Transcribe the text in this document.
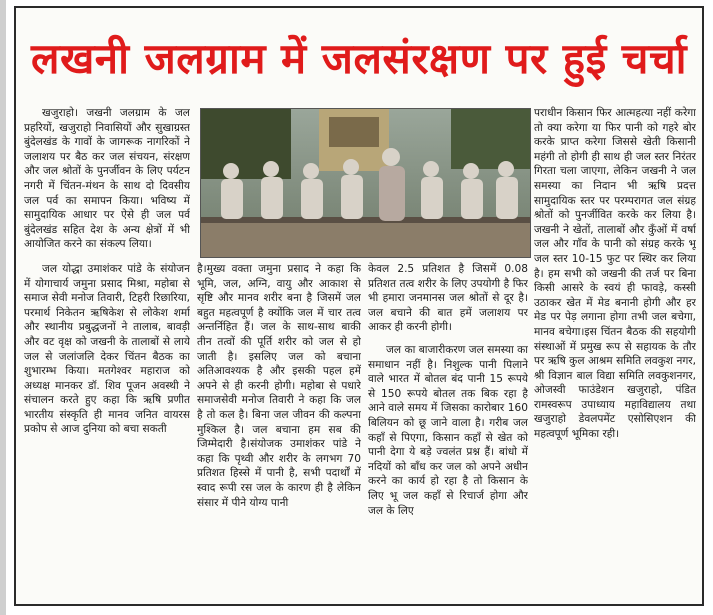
लखनी जलग्राम में जलसंरक्षण पर हुई चर्चा

खजुराहो। जखनी जलग्राम के जल प्रहरियों, खजुराहो निवासियों और सुखाग्रस्त बुंदेलखंड के गावों के जागरूक नागरिकों ने जलाशय पर बैठ कर जल संचयन, संरक्षण और जल श्रोतों के पुनर्जीवन के लिए पर्यटन नगरी में चिंतन-मंथन के साथ दो दिवसीय जल पर्व का समापन किया। भविष्य में सामुदायिक आधार पर ऐसे ही जल पर्व बुंदेलखंड सहित देश के अन्य क्षेत्रों में भी आयोजित करने का संकल्प लिया।

जल योद्धा उमाशंकर पांडे के संयोजन में योगाचार्य जमुना प्रसाद मिश्रा, महोबा से समाज सेवी मनोज तिवारी, टिहरी रिछारिया, परमार्थ निकेतन ऋषिकेश से लोकेश शर्मा और स्थानीय प्रबुद्धजनों ने तालाब, बावड़ी और वट वृक्ष को जखनी के तालाबों से लाये जल से जलांजलि देकर चिंतन बैठक का शुभारम्भ किया। मतगेश्वर महाराज को अध्यक्ष मानकर डॉ. शिव पूजन अवस्थी ने संचालन करते हुए कहा कि ऋषि प्रणीत भारतीय संस्कृति ही मानव जनित वायरस प्रकोप से आज दुनिया को बचा सकती

है।मुख्य वक्ता जमुना प्रसाद ने कहा कि भूमि, जल, अग्नि, वायु और आकाश से सृष्टि और मानव शरीर बना है जिसमें जल बहुत महत्वपूर्ण है क्योंकि जल में चार तत्व अन्तर्निहित हैं। जल के साथ-साथ बाकी तीन तत्वों की पूर्ति शरीर को जल से हो जाती है। इसलिए जल को बचाना अतिआवश्यक है और इसकी पहल हमें अपने से ही करनी होगी। महोबा से पधारे समाजसेवी मनोज तिवारी ने कहा कि जल है तो कल है। बिना जल जीवन की कल्पना मुश्किल है। जल बचाना हम सब की जिम्मेदारी है।संयोजक उमाशंकर पांडे ने कहा कि पृथ्वी और शरीर के लगभग 70 प्रतिशत हिस्से में पानी है, सभी पदार्थों में स्वाद रूपी रस जल के कारण ही है लेकिन संसार में पीने योग्य पानी

केवल 2.5 प्रतिशत है जिसमें 0.08 प्रतिशत तत्व शरीर के लिए उपयोगी है फिर भी हमारा जनमानस जल श्रोतों से दूर है। जल बचाने की बात हमें जलाशय पर आकर ही करनी होगी।

जल का बाजारीकरण जल समस्या का समाधान नहीं है। निशुल्क पानी पिलाने वाले भारत में बोतल बंद पानी 15 रूपये से 150 रूपये बोतल तक बिक रहा है आने वाले समय में जिसका कारोबार 160 बिलियन को छू जाने वाला है। गरीब जल कहाँ से पिएगा, किसान कहाँ से खेत को पानी देगा ये बड़े ज्वलंत प्रश्न हैं। बांधो में नदियों को बाँध कर जल को अपने अधीन करने का कार्य हो रहा है तो किसान के लिए भू जल कहाँ से रिचार्ज होगा और जल के लिए

पराधीन किसान फिर आत्महत्या नहीं करेगा तो क्या करेगा या फिर पानी को गहरे बोर करके प्राप्त करेगा जिससे खेती किसानी महंगी तो होगी ही साथ ही जल स्तर निरंतर गिरता चला जाएगा, लेकिन जखनी ने जल समस्या का निदान भी ऋषि प्रदत्त सामुदायिक स्तर पर परम्परागत जल संग्रह श्रोतों को पुनर्जीवित करके कर लिया है। जखनी ने खेतों, तालाबों और कुँओं में वर्षा जल और गाँव के पानी को संग्रह करके भू जल स्तर 10-15 फुट पर स्थिर कर लिया है। हम सभी को जखनी की तर्ज पर बिना किसी आसरे के स्वयं ही फावड़े, कस्सी उठाकर खेत में मेड बनानी होगी और हर मेड पर पेड़ लगाना होगा तभी जल बचेगा, मानव बचेगा।इस चिंतन बैठक की सहयोगी संस्थाओं में प्रमुख रूप से सहायक के तौर पर ऋषि कुल आश्रम समिति लवकुश नगर, श्री विज्ञान बाल विद्या समिति लवकुशनगर, ओजस्वी फाउंडेशन खजुराहो, पंडित रामस्वरूप उपाध्याय महाविद्यालय तथा खजुराहो डेवलपमेंट एसोसिएशन की महत्वपूर्ण भूमिका रही।
